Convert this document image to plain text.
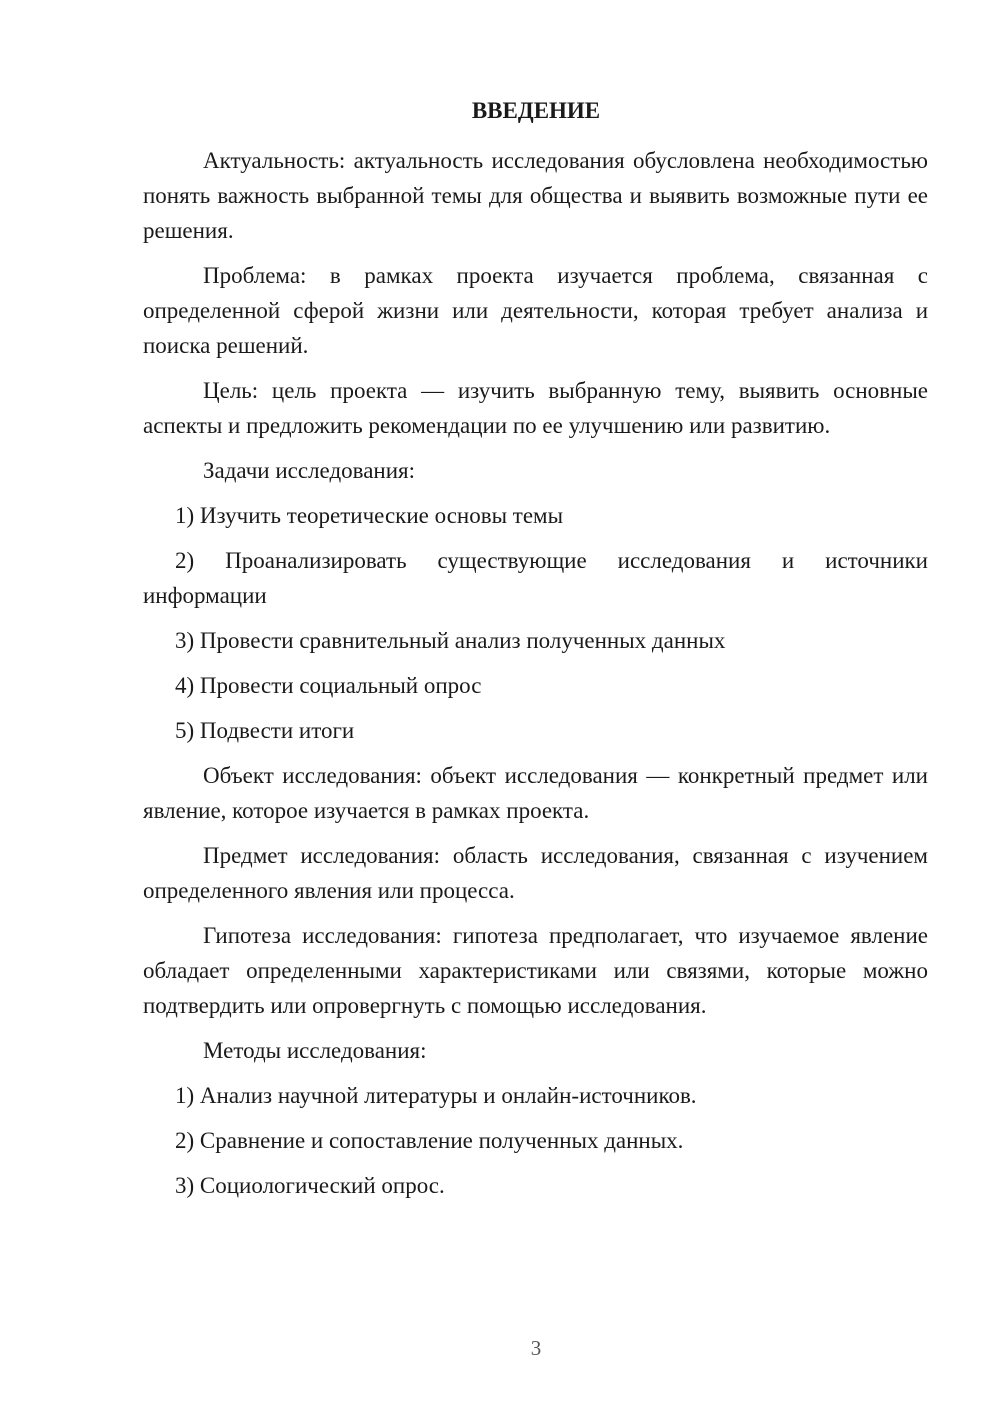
ВВЕДЕНИЕ

Актуальность: актуальность исследования обусловлена необходимостью понять важность выбранной темы для общества и выявить возможные пути ее решения.

Проблема: в рамках проекта изучается проблема, связанная с определенной сферой жизни или деятельности, которая требует анализа и поиска решений.

Цель: цель проекта — изучить выбранную тему, выявить основные аспекты и предложить рекомендации по ее улучшению или развитию.

Задачи исследования:

1) Изучить теоретические основы темы

2) Проанализировать существующие исследования и источники информации

3) Провести сравнительный анализ полученных данных

4) Провести социальный опрос

5) Подвести итоги

Объект исследования: объект исследования — конкретный предмет или явление, которое изучается в рамках проекта.

Предмет исследования: область исследования, связанная с изучением определенного явления или процесса.

Гипотеза исследования: гипотеза предполагает, что изучаемое явление обладает определенными характеристиками или связями, которые можно подтвердить или опровергнуть с помощью исследования.

Методы исследования:

1) Анализ научной литературы и онлайн-источников.

2) Сравнение и сопоставление полученных данных.

3) Социологический опрос.

3
